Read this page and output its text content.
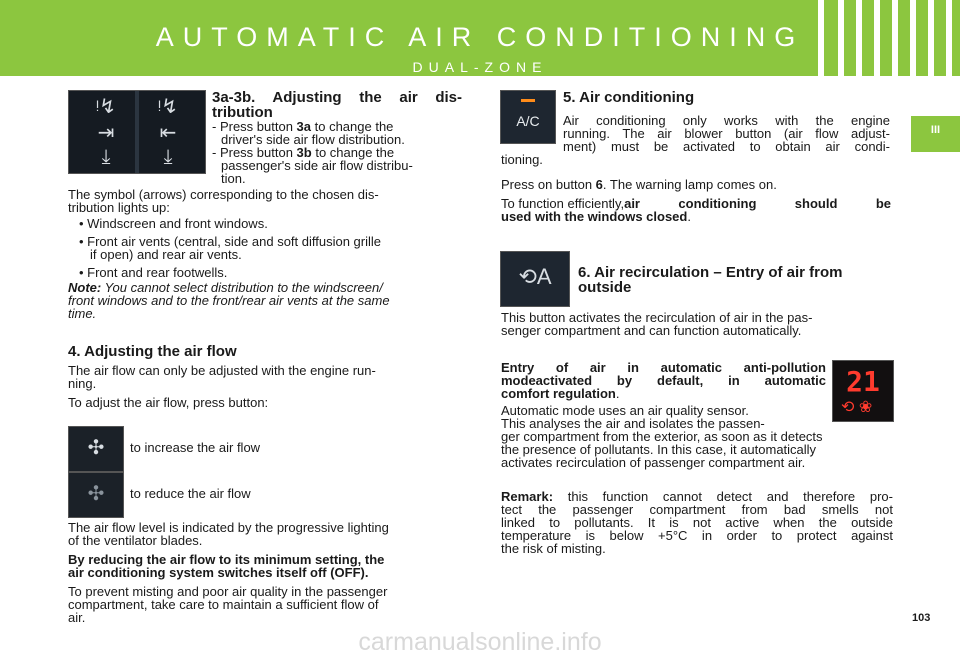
AUTOMATIC AIR CONDITIONING
DUAL-ZONE
III
ᵎ↯
⇥
⤓
ᵎ↯
⇤
⤓
3a-3b. Adjusting the air dis-
tribution
- Press button 3a to change the
driver's side air flow distribution.
- Press button 3b to change the
passenger's side air flow distribu-
tion.
The symbol (arrows) corresponding to the chosen dis-
tribution lights up:
• Windscreen and front windows.
• Front air vents (central, side and soft diffusion grille
if open) and rear air vents.
• Front and rear footwells.
Note: You cannot select distribution to the windscreen/
front windows and to the front/rear air vents at the same
time.
4. Adjusting the air flow
The air flow can only be adjusted with the engine run-
ning.
To adjust the air flow, press button:
✣	to increase the air flow
✣	to reduce the air flow
The air flow level is indicated by the progressive lighting
of the ventilator blades.
By reducing the air flow to its minimum setting, the
air conditioning system switches itself off (OFF).
To prevent misting and poor air quality in the passenger
compartment, take care to maintain a sufficient flow of
air.
A/C
5. Air conditioning
Air conditioning only works with the engine
running. The air blower button (air flow adjust-
ment) must be activated to obtain air condi-
tioning.
Press on button 6. The warning lamp comes on.
To function efficiently, air conditioning should be
used with the windows closed.
⟲A	6. Air recirculation – Entry of air from
outside
This button activates the recirculation of air in the pas-
senger compartment and can function automatically.
Entry of air in automatic anti-pollution
modeactivated by default, in automatic
comfort regulation.	21
⟲ ❀
Automatic mode uses an air quality sensor.
This analyses the air and isolates the passen-
ger compartment from the exterior, as soon as it detects
the presence of pollutants. In this case, it automatically
activates recirculation of passenger compartment air.
Remark: this function cannot detect and therefore pro-
tect the passenger compartment from bad smells not
linked to pollutants. It is not active when the outside
temperature is below +5°C in order to protect against
the risk of misting.
103
carmanualsonline.info
